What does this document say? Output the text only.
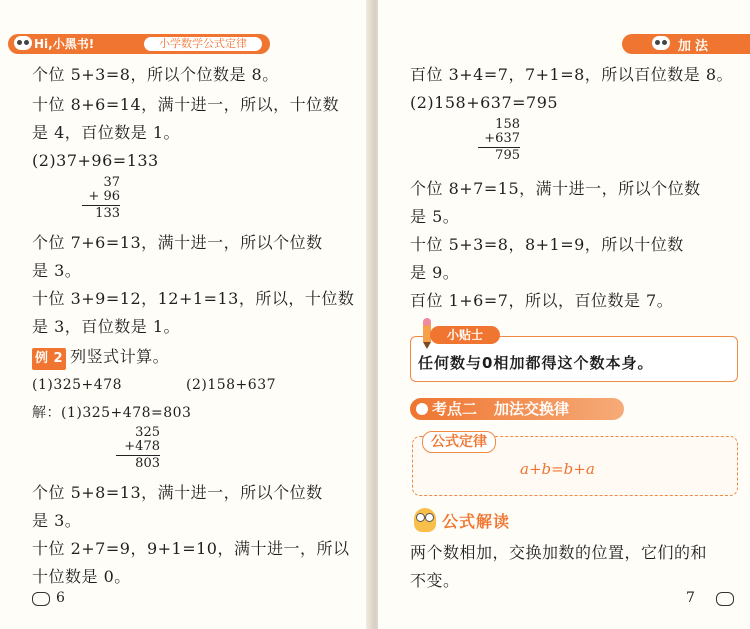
Hi,小黑书!	小学数学公式定律
个位 5+3=8，所以个位数是 8。
十位 8+6=14，满十进一，所以，十位数
是 4，百位数是 1。
(2)37+96=133
37
+ 96
133
个位 7+6=13，满十进一，所以个位数
是 3。
十位 3+9=12，12+1=13，所以，十位数
是 3，百位数是 1。
例 2 列竖式计算。
(1)325+478	(2)158+637
解：(1)325+478=803
325
+478
803
个位 5+8=13，满十进一，所以个位数
是 3。
十位 2+7=9，9+1=10，满十进一，所以
十位数是 0。
6
加法
百位 3+4=7，7+1=8，所以百位数是 8。
(2)158+637=795
158
+637
795
个位 8+7=15，满十进一，所以个位数
是 5。
十位 5+3=8，8+1=9，所以十位数
是 9。
百位 1+6=7，所以，百位数是 7。
小贴士
任何数与0相加都得这个数本身。
考点二 加法交换律
公式定律
a+b=b+a
公式解读
两个数相加，交换加数的位置，它们的和
不变。
7
